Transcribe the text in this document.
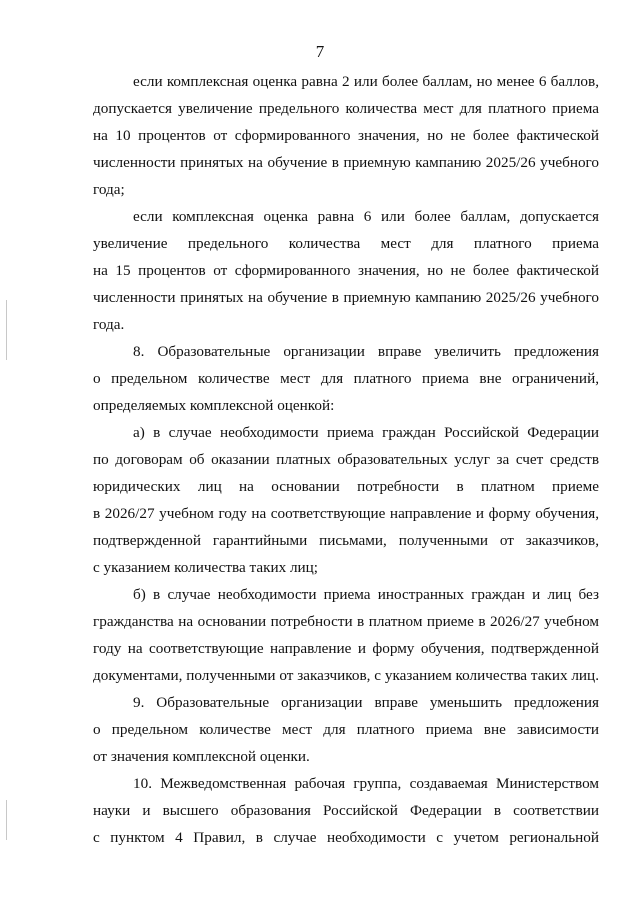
7
если комплексная оценка равна 2 или более баллам, но менее 6 баллов,
допускается увеличение предельного количества мест для платного приема
на 10 процентов от сформированного значения, но не более фактической
численности принятых на обучение в приемную кампанию 2025/26 учебного
года;
если комплексная оценка равна 6 или более баллам, допускается
увеличение предельного количества мест для платного приема
на 15 процентов от сформированного значения, но не более фактической
численности принятых на обучение в приемную кампанию 2025/26 учебного
года.
8. Образовательные организации вправе увеличить предложения
о предельном количестве мест для платного приема вне ограничений,
определяемых комплексной оценкой:
а) в случае необходимости приема граждан Российской Федерации
по договорам об оказании платных образовательных услуг за счет средств
юридических лиц на основании потребности в платном приеме
в 2026/27 учебном году на соответствующие направление и форму обучения,
подтвержденной гарантийными письмами, полученными от заказчиков,
с указанием количества таких лиц;
б) в случае необходимости приема иностранных граждан и лиц без
гражданства на основании потребности в платном приеме в 2026/27 учебном
году на соответствующие направление и форму обучения, подтвержденной
документами, полученными от заказчиков, с указанием количества таких лиц.
9. Образовательные организации вправе уменьшить предложения
о предельном количестве мест для платного приема вне зависимости
от значения комплексной оценки.
10. Межведомственная рабочая группа, создаваемая Министерством
науки и высшего образования Российской Федерации в соответствии
с пунктом 4 Правил, в случае необходимости с учетом региональной
